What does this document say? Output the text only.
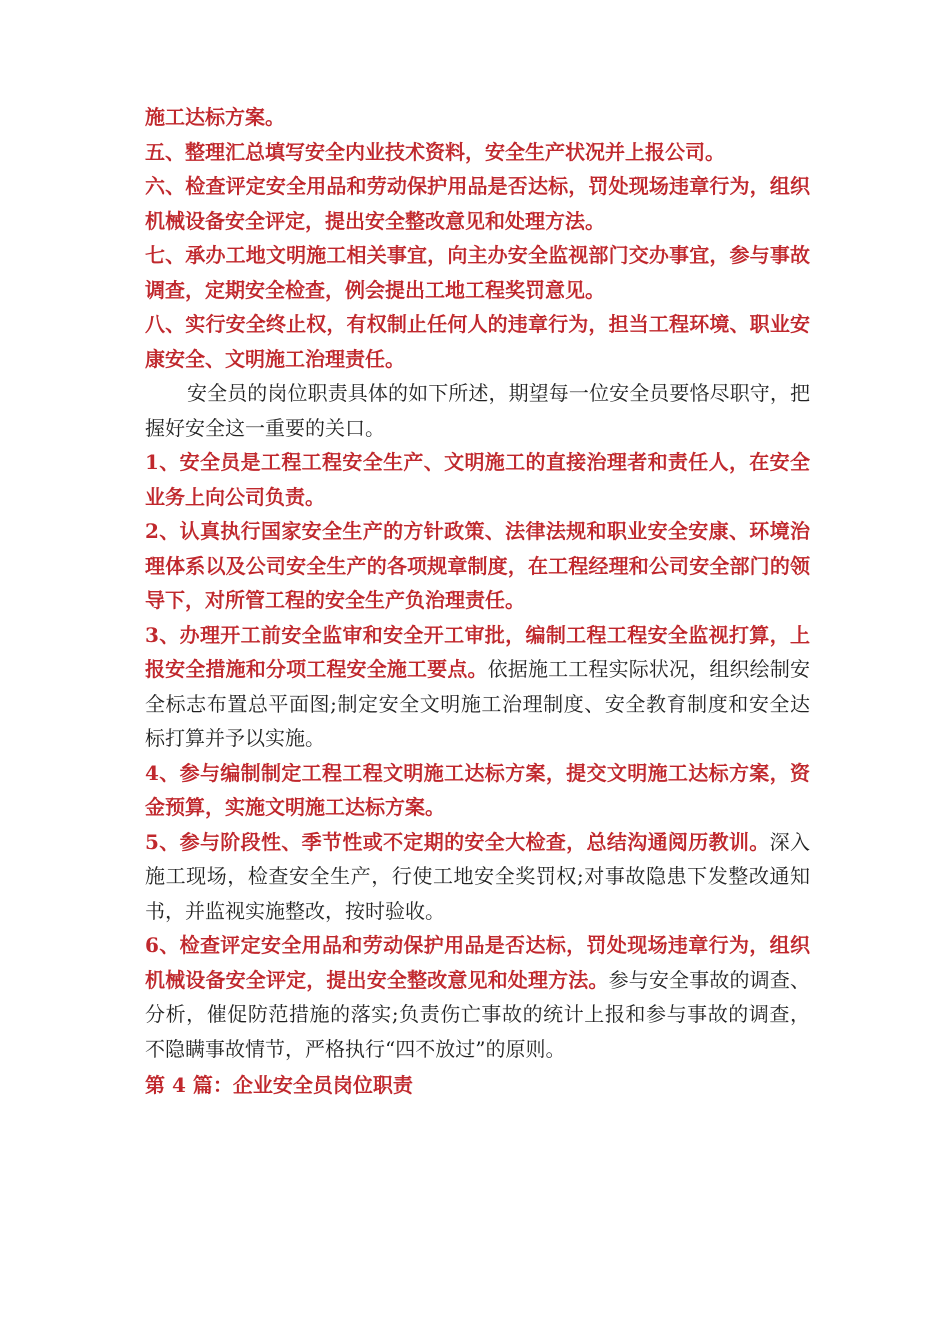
施工达标方案。

五、整理汇总填写安全内业技术资料，安全生产状况并上报公司。

六、检查评定安全用品和劳动保护用品是否达标，罚处现场违章行为，组织机械设备安全评定，提出安全整改意见和处理方法。

七、承办工地文明施工相关事宜，向主办安全监视部门交办事宜，参与事故调查，定期安全检查，例会提出工地工程奖罚意见。

八、实行安全终止权，有权制止任何人的违章行为，担当工程环境、职业安康安全、文明施工治理责任。

安全员的岗位职责具体的如下所述，期望每一位安全员要恪尽职守，把握好安全这一重要的关口。

1、安全员是工程工程安全生产、文明施工的直接治理者和责任人，在安全业务上向公司负责。

2、认真执行国家安全生产的方针政策、法律法规和职业安全安康、环境治理体系以及公司安全生产的各项规章制度，在工程经理和公司安全部门的领导下，对所管工程的安全生产负治理责任。

3、办理开工前安全监审和安全开工审批，编制工程工程安全监视打算，上报安全措施和分项工程安全施工要点。依据施工工程实际状况，组织绘制安全标志布置总平面图;制定安全文明施工治理制度、安全教育制度和安全达标打算并予以实施。

4、参与编制制定工程工程文明施工达标方案，提交文明施工达标方案，资金预算，实施文明施工达标方案。

5、参与阶段性、季节性或不定期的安全大检查，总结沟通阅历教训。深入施工现场，检查安全生产，行使工地安全奖罚权;对事故隐患下发整改通知书，并监视实施整改，按时验收。

6、检查评定安全用品和劳动保护用品是否达标，罚处现场违章行为，组织机械设备安全评定，提出安全整改意见和处理方法。参与安全事故的调查、分析，催促防范措施的落实;负责伤亡事故的统计上报和参与事故的调查，不隐瞒事故情节，严格执行“四不放过”的原则。

第 4 篇：企业安全员岗位职责
